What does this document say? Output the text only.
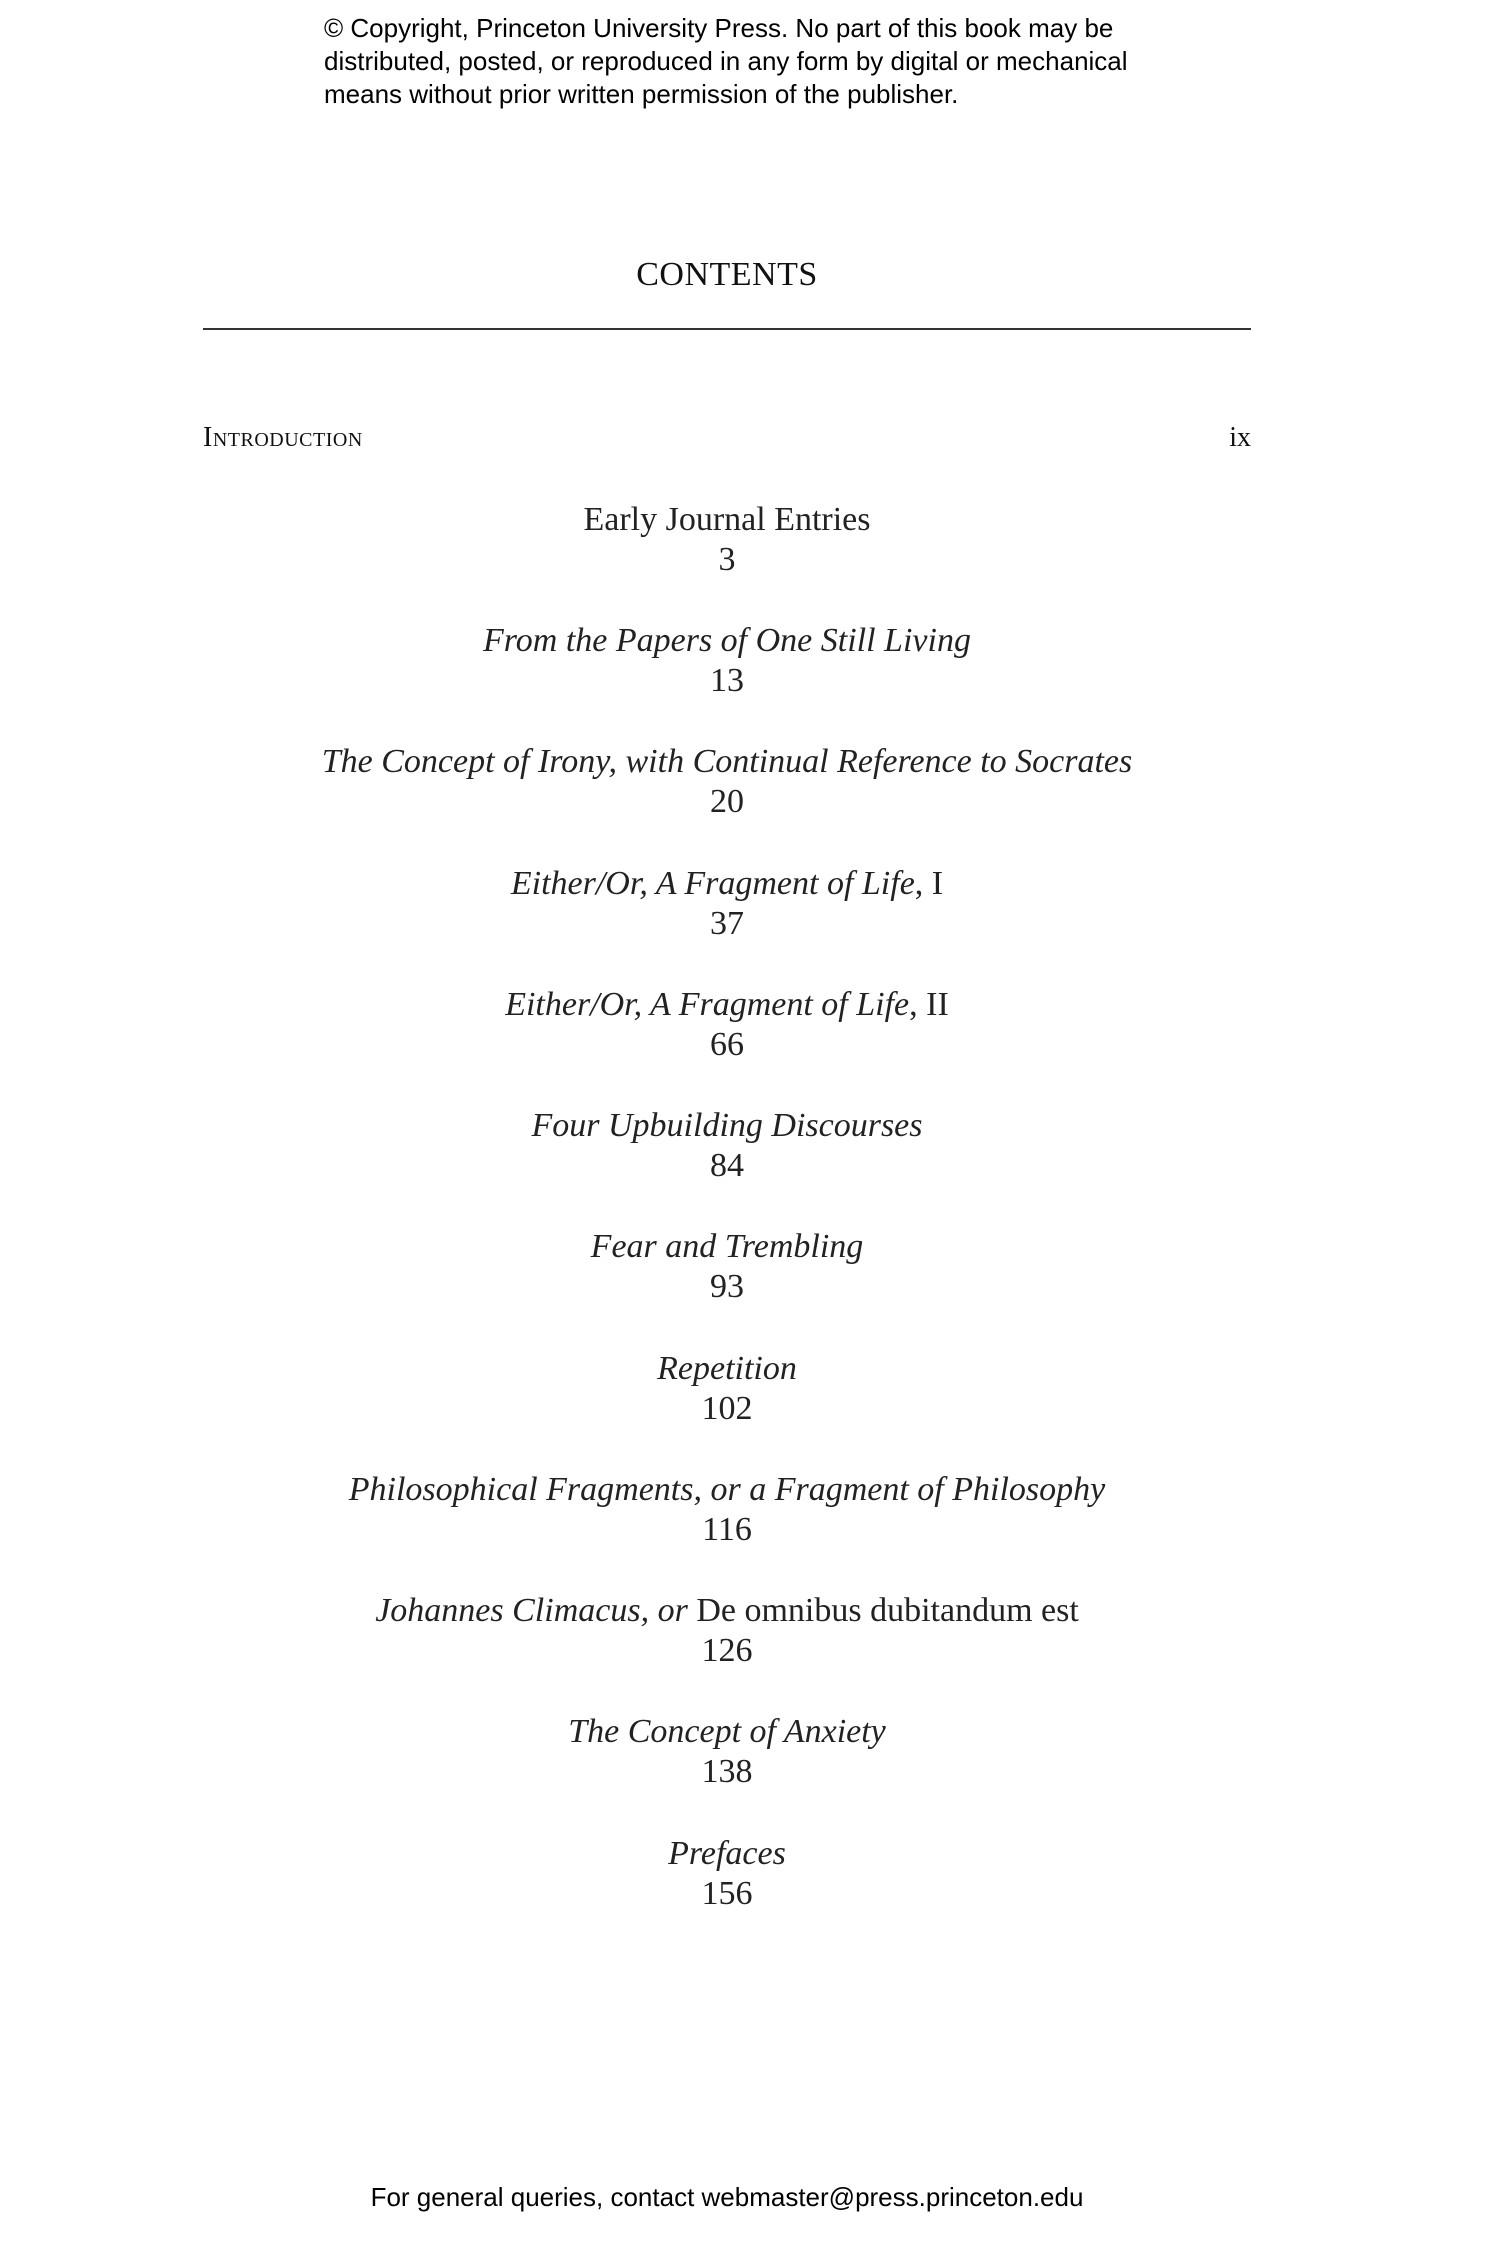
© Copyright, Princeton University Press. No part of this book may be
distributed, posted, or reproduced in any form by digital or mechanical
means without prior written permission of the publisher.
CONTENTS
Introduction	ix
Early Journal Entries
3
From the Papers of One Still Living
13
The Concept of Irony, with Continual Reference to Socrates
20
Either/Or, A Fragment of Life, I
37
Either/Or, A Fragment of Life, II
66
Four Upbuilding Discourses
84
Fear and Trembling
93
Repetition
102
Philosophical Fragments, or a Fragment of Philosophy
116
Johannes Climacus, or De omnibus dubitandum est
126
The Concept of Anxiety
138
Prefaces
156
For general queries, contact webmaster@press.princeton.edu
